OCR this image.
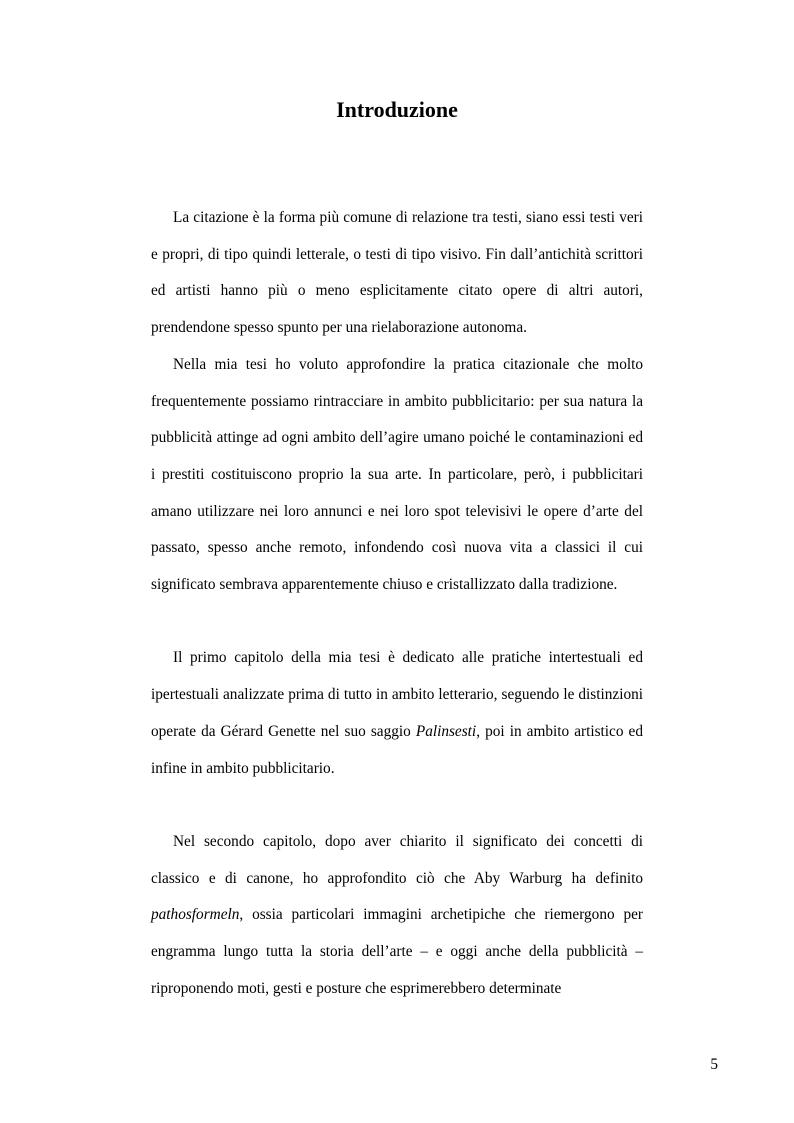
Introduzione

La citazione è la forma più comune di relazione tra testi, siano essi testi veri e propri, di tipo quindi letterale, o testi di tipo visivo. Fin dall’antichità scrittori ed artisti hanno più o meno esplicitamente citato opere di altri autori, prendendone spesso spunto per una rielaborazione autonoma.

Nella mia tesi ho voluto approfondire la pratica citazionale che molto frequentemente possiamo rintracciare in ambito pubblicitario: per sua natura la pubblicità attinge ad ogni ambito dell’agire umano poiché le contaminazioni ed i prestiti costituiscono proprio la sua arte. In particolare, però, i pubblicitari amano utilizzare nei loro annunci e nei loro spot televisivi le opere d’arte del passato, spesso anche remoto, infondendo così nuova vita a classici il cui significato sembrava apparentemente chiuso e cristallizzato dalla tradizione.

Il primo capitolo della mia tesi è dedicato alle pratiche intertestuali ed ipertestuali analizzate prima di tutto in ambito letterario, seguendo le distinzioni operate da Gérard Genette nel suo saggio Palinsesti, poi in ambito artistico ed infine in ambito pubblicitario.

Nel secondo capitolo, dopo aver chiarito il significato dei concetti di classico e di canone, ho approfondito ciò che Aby Warburg ha definito pathosformeln, ossia particolari immagini archetipiche che riemergono per engramma lungo tutta la storia dell’arte – e oggi anche della pubblicità – riproponendo moti, gesti e posture che esprimerebbero determinate

5
